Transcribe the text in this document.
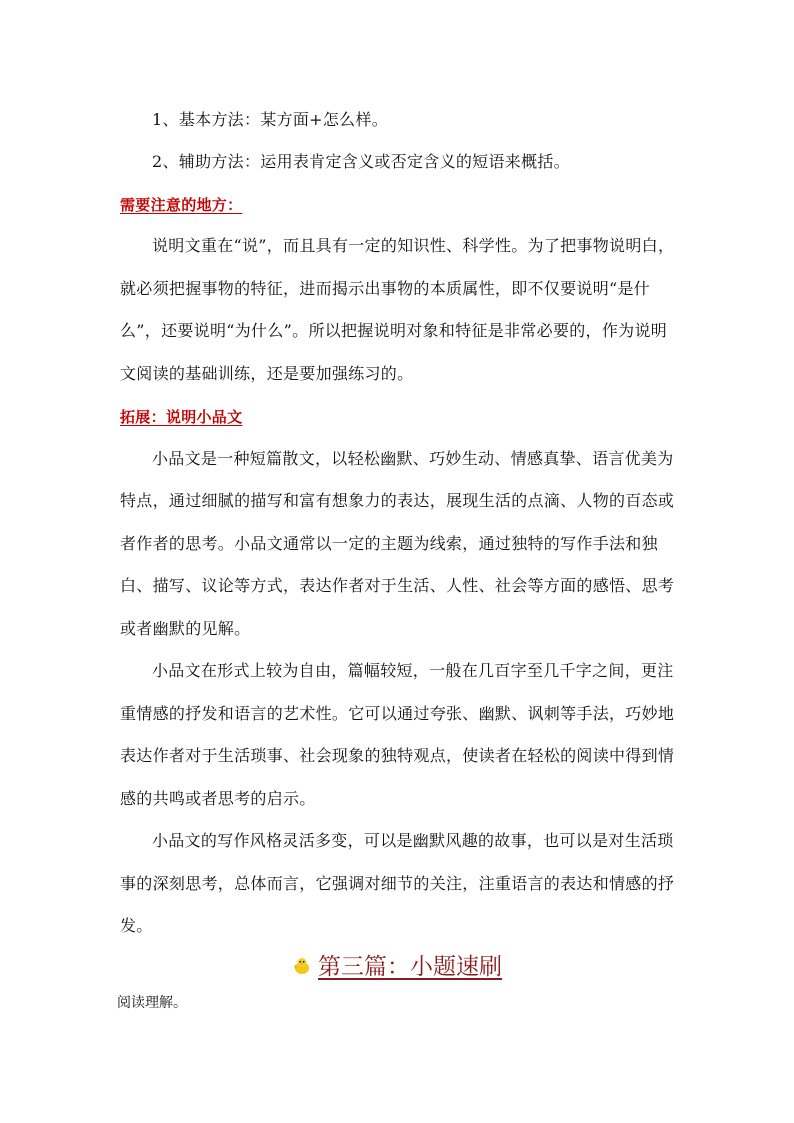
1、基本方法：某方面+怎么样。
2、辅助方法：运用表肯定含义或否定含义的短语来概括。
需要注意的地方：
说明文重在“说”，而且具有一定的知识性、科学性。为了把事物说明白，
就必须把握事物的特征，进而揭示出事物的本质属性，即不仅要说明“是什
么”，还要说明“为什么”。所以把握说明对象和特征是非常必要的，作为说明
文阅读的基础训练，还是要加强练习的。
拓展：说明小品文
小品文是一种短篇散文，以轻松幽默、巧妙生动、情感真挚、语言优美为
特点，通过细腻的描写和富有想象力的表达，展现生活的点滴、人物的百态或
者作者的思考。小品文通常以一定的主题为线索，通过独特的写作手法和独
白、描写、议论等方式，表达作者对于生活、人性、社会等方面的感悟、思考
或者幽默的见解。
小品文在形式上较为自由，篇幅较短，一般在几百字至几千字之间，更注
重情感的抒发和语言的艺术性。它可以通过夸张、幽默、讽刺等手法，巧妙地
表达作者对于生活琐事、社会现象的独特观点，使读者在轻松的阅读中得到情
感的共鸣或者思考的启示。
小品文的写作风格灵活多变，可以是幽默风趣的故事，也可以是对生活琐
事的深刻思考，总体而言，它强调对细节的关注，注重语言的表达和情感的抒
发。
第三篇：小题速刷
阅读理解。
